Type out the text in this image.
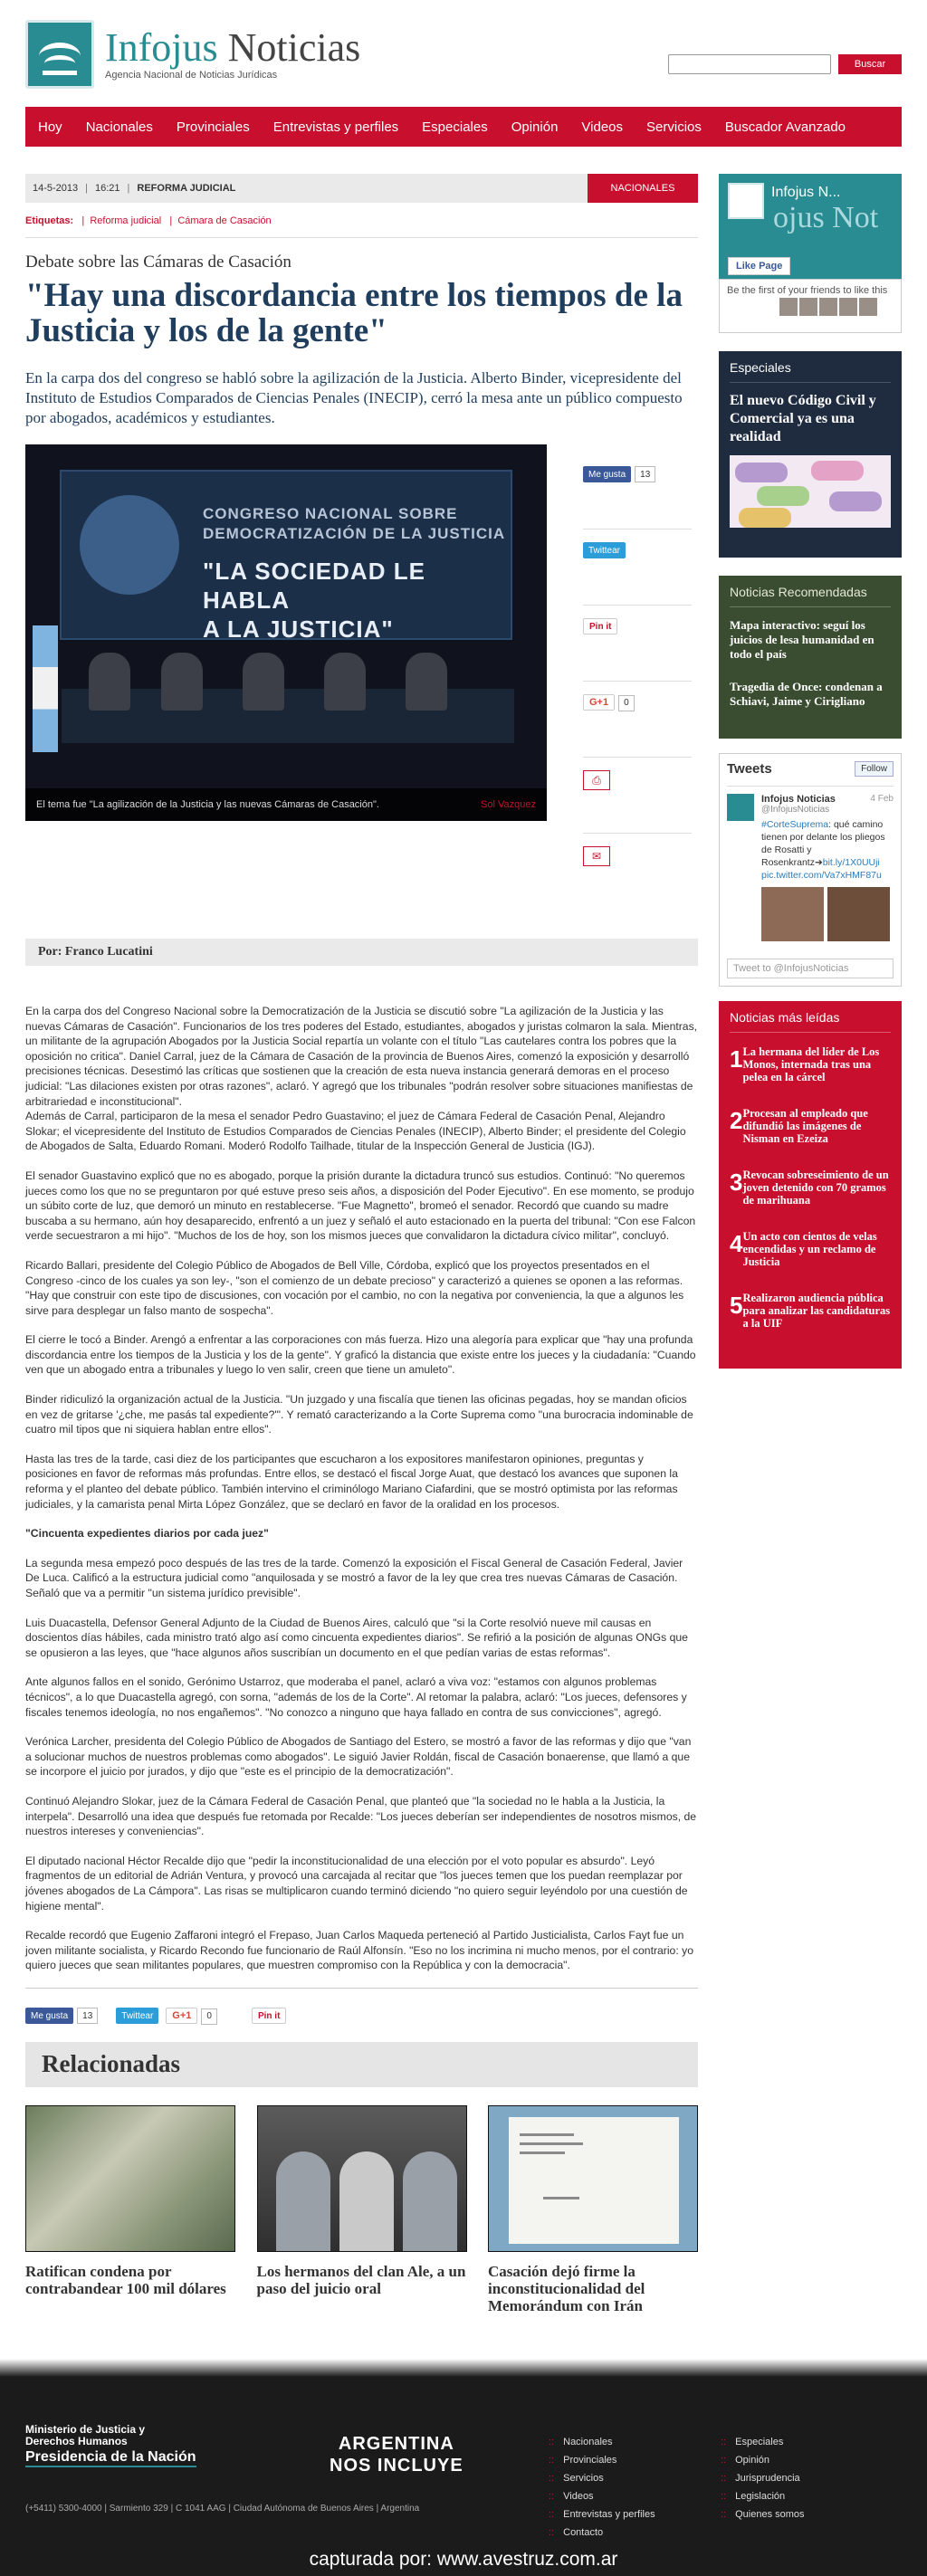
Infojus Noticias
Agencia Nacional de Noticias Jurídicas
Buscar
Hoy Nacionales Provinciales Entrevistas y perfiles Especiales Opinión Videos Servicios Buscador Avanzado
14-5-2013 | 16:21 | REFORMA JUDICIAL	NACIONALES
Etiquetas:   |  Reforma judicial   |  Cámara de Casación
Debate sobre las Cámaras de Casación
"Hay una discordancia entre los tiempos de la Justicia y los de la gente"
En la carpa dos del congreso se habló sobre la agilización de la Justicia. Alberto Binder, vicepresidente del Instituto de Estudios Comparados de Ciencias Penales (INECIP), cerró la mesa ante un público compuesto por abogados, académicos y estudiantes.
CONGRESO NACIONAL SOBRE
DEMOCRATIZACIÓN DE LA JUSTICIA
"LA SOCIEDAD LE HABLA
A LA JUSTICIA"
El tema fue "La agilización de la Justicia y las nuevas Cámaras de Casación".	Sol Vazquez
Me gusta 13
Twittear
Pin it
G+1 0
⎙
✉
Por: Franco Lucatini

En la carpa dos del Congreso Nacional sobre la Democratización de la Justicia se discutió sobre "La agilización de la Justicia y las nuevas Cámaras de Casación". Funcionarios de los tres poderes del Estado, estudiantes, abogados y juristas colmaron la sala. Mientras, un militante de la agrupación Abogados por la Justicia Social repartía un volante con el título "Las cautelares contra los pobres que la oposición no critica". Daniel Carral, juez de la Cámara de Casación de la provincia de Buenos Aires, comenzó la exposición y desarrolló precisiones técnicas. Desestimó las críticas que sostienen que la creación de esta nueva instancia generará demoras en el proceso judicial: "Las dilaciones existen por otras razones", aclaró. Y agregó que los tribunales "podrán resolver sobre situaciones manifiestas de arbitrariedad e inconstitucional".

Además de Carral, participaron de la mesa el senador Pedro Guastavino; el juez de Cámara Federal de Casación Penal, Alejandro Slokar; el vicepresidente del Instituto de Estudios Comparados de Ciencias Penales (INECIP), Alberto Binder; el presidente del Colegio de Abogados de Salta, Eduardo Romani. Moderó Rodolfo Tailhade, titular de la Inspección General de Justicia (IGJ).

El senador Guastavino explicó que no es abogado, porque la prisión durante la dictadura truncó sus estudios. Continuó: "No queremos jueces como los que no se preguntaron por qué estuve preso seis años, a disposición del Poder Ejecutivo". En ese momento, se produjo un súbito corte de luz, que demoró un minuto en restablecerse. "Fue Magnetto", bromeó el senador. Recordó que cuando su madre buscaba a su hermano, aún hoy desaparecido, enfrentó a un juez y señaló el auto estacionado en la puerta del tribunal: "Con ese Falcon verde secuestraron a mi hijo". "Muchos de los de hoy, son los mismos jueces que convalidaron la dictadura cívico militar", concluyó.

Ricardo Ballari, presidente del Colegio Público de Abogados de Bell Ville, Córdoba, explicó que los proyectos presentados en el Congreso -cinco de los cuales ya son ley-, "son el comienzo de un debate precioso" y caracterizó a quienes se oponen a las reformas. "Hay que construir con este tipo de discusiones, con vocación por el cambio, no con la negativa por conveniencia, la que a algunos les sirve para desplegar un falso manto de sospecha".

El cierre le tocó a Binder. Arengó a enfrentar a las corporaciones con más fuerza. Hizo una alegoría para explicar que "hay una profunda discordancia entre los tiempos de la Justicia y los de la gente". Y graficó la distancia que existe entre los jueces y la ciudadanía: "Cuando ven que un abogado entra a tribunales y luego lo ven salir, creen que tiene un amuleto".

Binder ridiculizó la organización actual de la Justicia. "Un juzgado y una fiscalía que tienen las oficinas pegadas, hoy se mandan oficios en vez de gritarse '¿che, me pasás tal expediente?'". Y remató caracterizando a la Corte Suprema como "una burocracia indominable de cuatro mil tipos que ni siquiera hablan entre ellos".

Hasta las tres de la tarde, casi diez de los participantes que escucharon a los expositores manifestaron opiniones, preguntas y posiciones en favor de reformas más profundas. Entre ellos, se destacó el fiscal Jorge Auat, que destacó los avances que suponen la reforma y el planteo del debate público. También intervino el criminólogo Mariano Ciafardini, que se mostró optimista por las reformas judiciales, y la camarista penal Mirta López González, que se declaró en favor de la oralidad en los procesos.

"Cincuenta expedientes diarios por cada juez"

La segunda mesa empezó poco después de las tres de la tarde. Comenzó la exposición el Fiscal General de Casación Federal, Javier De Luca. Calificó a la estructura judicial como "anquilosada y se mostró a favor de la ley que crea tres nuevas Cámaras de Casación. Señaló que va a permitir "un sistema jurídico previsible".

Luis Duacastella, Defensor General Adjunto de la Ciudad de Buenos Aires, calculó que "si la Corte resolvió nueve mil causas en doscientos días hábiles, cada ministro trató algo así como cincuenta expedientes diarios". Se refirió a la posición de algunas ONGs que se opusieron a las leyes, que "hace algunos años suscribían un documento en el que pedían varias de estas reformas".

Ante algunos fallos en el sonido, Gerónimo Ustarroz, que moderaba el panel, aclaró a viva voz: "estamos con algunos problemas técnicos", a lo que Duacastella agregó, con sorna, "además de los de la Corte". Al retomar la palabra, aclaró: "Los jueces, defensores y fiscales tenemos ideología, no nos engañemos". "No conozco a ninguno que haya fallado en contra de sus convicciones", agregó.

Verónica Larcher, presidenta del Colegio Público de Abogados de Santiago del Estero, se mostró a favor de las reformas y dijo que "van a solucionar muchos de nuestros problemas como abogados". Le siguió Javier Roldán, fiscal de Casación bonaerense, que llamó a que se incorpore el juicio por jurados, y dijo que "este es el principio de la democratización".

Continuó Alejandro Slokar, juez de la Cámara Federal de Casación Penal, que planteó que "la sociedad no le habla a la Justicia, la interpela". Desarrolló una idea que después fue retomada por Recalde: "Los jueces deberían ser independientes de nosotros mismos, de nuestros intereses y conveniencias".

El diputado nacional Héctor Recalde dijo que "pedir la inconstitucionalidad de una elección por el voto popular es absurdo". Leyó fragmentos de un editorial de Adrián Ventura, y provocó una carcajada al recitar que "los jueces temen que los puedan reemplazar por jóvenes abogados de La Cámpora". Las risas se multiplicaron cuando terminó diciendo "no quiero seguir leyéndolo por una cuestión de higiene mental".

Recalde recordó que Eugenio Zaffaroni integró el Frepaso, Juan Carlos Maqueda perteneció al Partido Justicialista, Carlos Fayt fue un joven militante socialista, y Ricardo Recondo fue funcionario de Raúl Alfonsín. "Eso no los incrimina ni mucho menos, por el contrario: yo quiero jueces que sean militantes populares, que muestren compromiso con la República y con la democracia".

Me gusta 13	Twittear	G+1 0	Pin it
Relacionadas
Ratifican condena por contrabandear 100 mil dólares
Los hermanos del clan Ale, a un paso del juicio oral
Casación dejó firme la inconstitucionalidad del Memorándum con Irán
Infojus N...
ojus Not
Like Page
Be the first of your friends to like this
Especiales
El nuevo Código Civil y Comercial ya es una realidad
Noticias Recomendadas
Mapa interactivo: seguí los juicios de lesa humanidad en todo el país
Tragedia de Once: condenan a Schiavi, Jaime y Cirigliano
Tweets	Follow
Infojus Noticias	4 Feb
@InfojusNoticias
#CorteSuprema: qué camino tienen por delante los pliegos de Rosatti y Rosenkrantz➔bit.ly/1X0UUji
pic.twitter.com/Va7xHMF87u
Tweet to @InfojusNoticias
Noticias más leídas
1 La hermana del líder de Los Monos, internada tras una pelea en la cárcel
2 Procesan al empleado que difundió las imágenes de Nisman en Ezeiza
3 Revocan sobreseimiento de un joven detenido con 70 gramos de marihuana
4 Un acto con cientos de velas encendidas y un reclamo de Justicia
5 Realizaron audiencia pública para analizar las candidaturas a la UIF
Ministerio de Justicia y Derechos Humanos
Presidencia de la Nación
ARGENTINA
NOS INCLUYE
(+5411) 5300-4000 | Sarmiento 329 | C 1041 AAG | Ciudad Autónoma de Buenos Aires | Argentina
:: Nacionales
:: Provinciales
:: Servicios
:: Videos
:: Entrevistas y perfiles
:: Contacto
:: Especiales
:: Opinión
:: Jurisprudencia
:: Legislación
:: Quienes somos
capturada por: www.avestruz.com.ar
